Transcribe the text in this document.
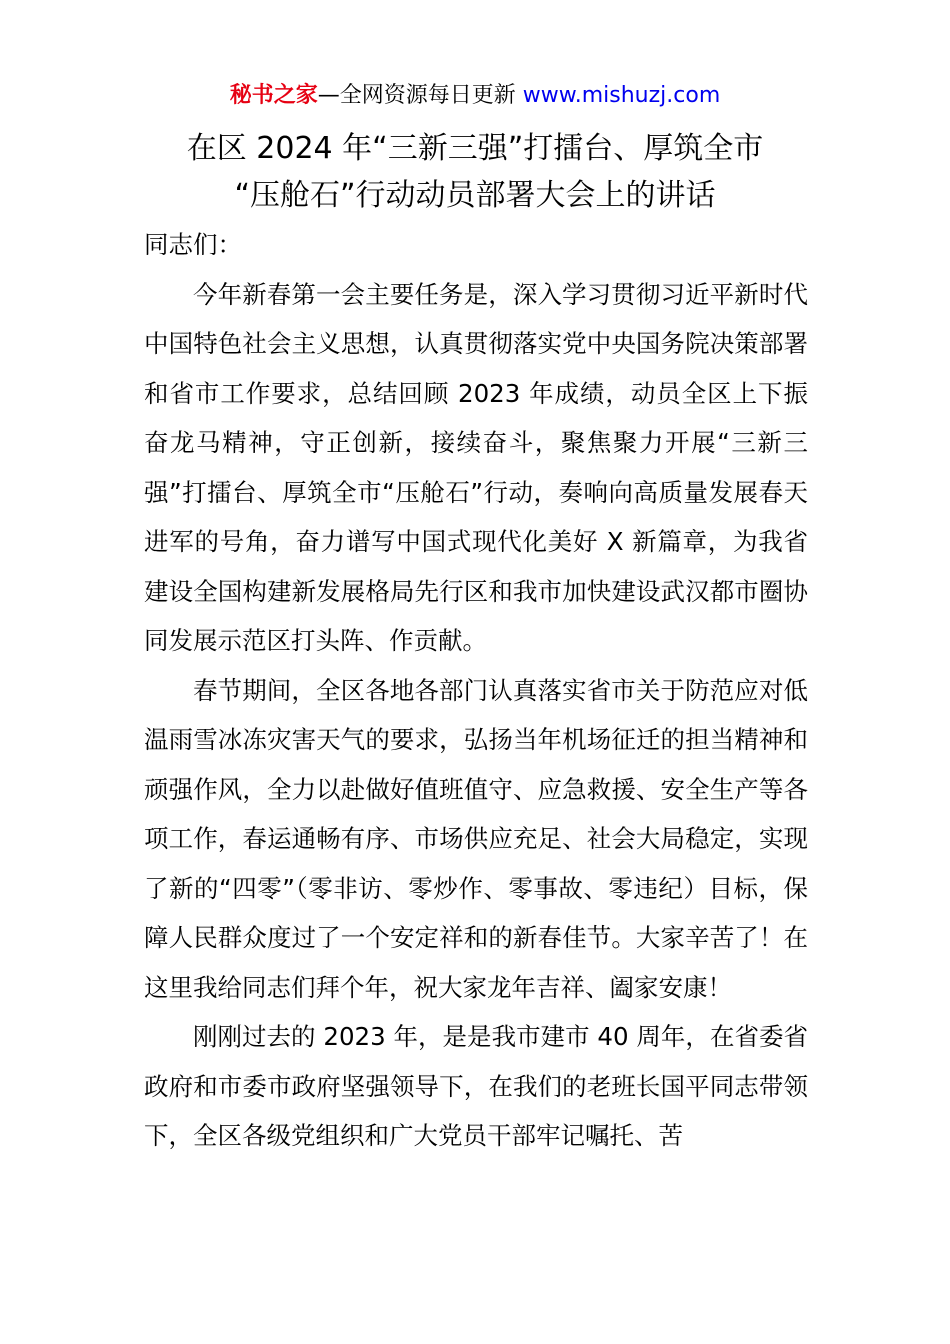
秘书之家—全网资源每日更新 www.mishuzj.com
在区 2024 年“三新三强”打擂台、厚筑全市
“压舱石”行动动员部署大会上的讲话

同志们：

今年新春第一会主要任务是，深入学习贯彻习近平新时代中国特色社会主义思想，认真贯彻落实党中央国务院决策部署和省市工作要求，总结回顾 2023 年成绩，动员全区上下振奋龙马精神，守正创新，接续奋斗，聚焦聚力开展“三新三强”打擂台、厚筑全市“压舱石”行动，奏响向高质量发展春天进军的号角，奋力谱写中国式现代化美好 X 新篇章，为我省建设全国构建新发展格局先行区和我市加快建设武汉都市圈协同发展示范区打头阵、作贡献。

春节期间，全区各地各部门认真落实省市关于防范应对低温雨雪冰冻灾害天气的要求，弘扬当年机场征迁的担当精神和顽强作风，全力以赴做好值班值守、应急救援、安全生产等各项工作，春运通畅有序、市场供应充足、社会大局稳定，实现了新的“四零”（零非访、零炒作、零事故、零违纪）目标，保障人民群众度过了一个安定祥和的新春佳节。大家辛苦了！在这里我给同志们拜个年，祝大家龙年吉祥、阖家安康！

刚刚过去的 2023 年，是是我市建市 40 周年，在省委省政府和市委市政府坚强领导下，在我们的老班长国平同志带领下，全区各级党组织和广大党员干部牢记嘱托、苦
